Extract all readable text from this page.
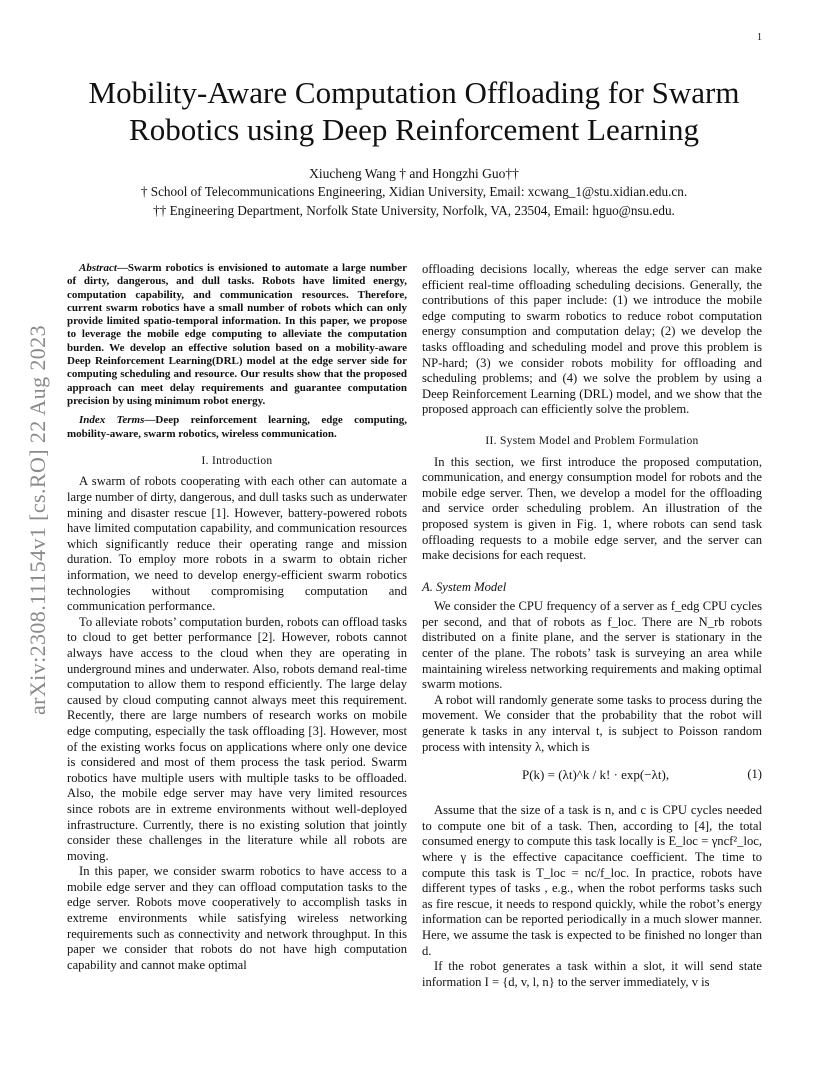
1
arXiv:2308.11154v1 [cs.RO] 22 Aug 2023
Mobility-Aware Computation Offloading for Swarm Robotics using Deep Reinforcement Learning
Xiucheng Wang † and Hongzhi Guo††
† School of Telecommunications Engineering, Xidian University, Email: xcwang_1@stu.xidian.edu.cn.
†† Engineering Department, Norfolk State University, Norfolk, VA, 23504, Email: hguo@nsu.edu.

Abstract—Swarm robotics is envisioned to automate a large number of dirty, dangerous, and dull tasks. Robots have limited energy, computation capability, and communication resources. Therefore, current swarm robotics have a small number of robots which can only provide limited spatio-temporal information. In this paper, we propose to leverage the mobile edge computing to alleviate the computation burden. We develop an effective solution based on a mobility-aware Deep Reinforcement Learning(DRL) model at the edge server side for computing scheduling and resource. Our results show that the proposed approach can meet delay requirements and guarantee computation precision by using minimum robot energy.

Index Terms—Deep reinforcement learning, edge computing, mobility-aware, swarm robotics, wireless communication.

I. Introduction

A swarm of robots cooperating with each other can automate a large number of dirty, dangerous, and dull tasks such as underwater mining and disaster rescue [1]. However, battery-powered robots have limited computation capability, and communication resources which significantly reduce their operating range and mission duration. To employ more robots in a swarm to obtain richer information, we need to develop energy-efficient swarm robotics technologies without compromising computation and communication performance.

To alleviate robots’ computation burden, robots can offload tasks to cloud to get better performance [2]. However, robots cannot always have access to the cloud when they are operating in underground mines and underwater. Also, robots demand real-time computation to allow them to respond efficiently. The large delay caused by cloud computing cannot always meet this requirement. Recently, there are large numbers of research works on mobile edge computing, especially the task offloading [3]. However, most of the existing works focus on applications where only one device is considered and most of them process the task period. Swarm robotics have multiple users with multiple tasks to be offloaded. Also, the mobile edge server may have very limited resources since robots are in extreme environments without well-deployed infrastructure. Currently, there is no existing solution that jointly consider these challenges in the literature while all robots are moving.

In this paper, we consider swarm robotics to have access to a mobile edge server and they can offload computation tasks to the edge server. Robots move cooperatively to accomplish tasks in extreme environments while satisfying wireless networking requirements such as connectivity and network throughput. In this paper we consider that robots do not have high computation capability and cannot make optimal

offloading decisions locally, whereas the edge server can make efficient real-time offloading scheduling decisions. Generally, the contributions of this paper include: (1) we introduce the mobile edge computing to swarm robotics to reduce robot computation energy consumption and computation delay; (2) we develop the tasks offloading and scheduling model and prove this problem is NP-hard; (3) we consider robots mobility for offloading and scheduling problems; and (4) we solve the problem by using a Deep Reinforcement Learning (DRL) model, and we show that the proposed approach can efficiently solve the problem.

II. System Model and Problem Formulation

In this section, we first introduce the proposed computation, communication, and energy consumption model for robots and the mobile edge server. Then, we develop a model for the offloading and service order scheduling problem. An illustration of the proposed system is given in Fig. 1, where robots can send task offloading requests to a mobile edge server, and the server can make decisions for each request.

A. System Model

We consider the CPU frequency of a server as f_edg CPU cycles per second, and that of robots as f_loc. There are N_rb robots distributed on a finite plane, and the server is stationary in the center of the plane. The robots’ task is surveying an area while maintaining wireless networking requirements and making optimal swarm motions.

A robot will randomly generate some tasks to process during the movement. We consider that the probability that the robot will generate k tasks in any interval t, is subject to Poisson random process with intensity λ, which is

P(k) = (λt)^k / k! · exp(−λt),	(1)

Assume that the size of a task is n, and c is CPU cycles needed to compute one bit of a task. Then, according to [4], the total consumed energy to compute this task locally is E_loc = γncf²_loc, where γ is the effective capacitance coefficient. The time to compute this task is T_loc = nc/f_loc. In practice, robots have different types of tasks , e.g., when the robot performs tasks such as fire rescue, it needs to respond quickly, while the robot’s energy information can be reported periodically in a much slower manner. Here, we assume the task is expected to be finished no longer than d.

If the robot generates a task within a slot, it will send state information I = {d, v, l, n} to the server immediately, v is
